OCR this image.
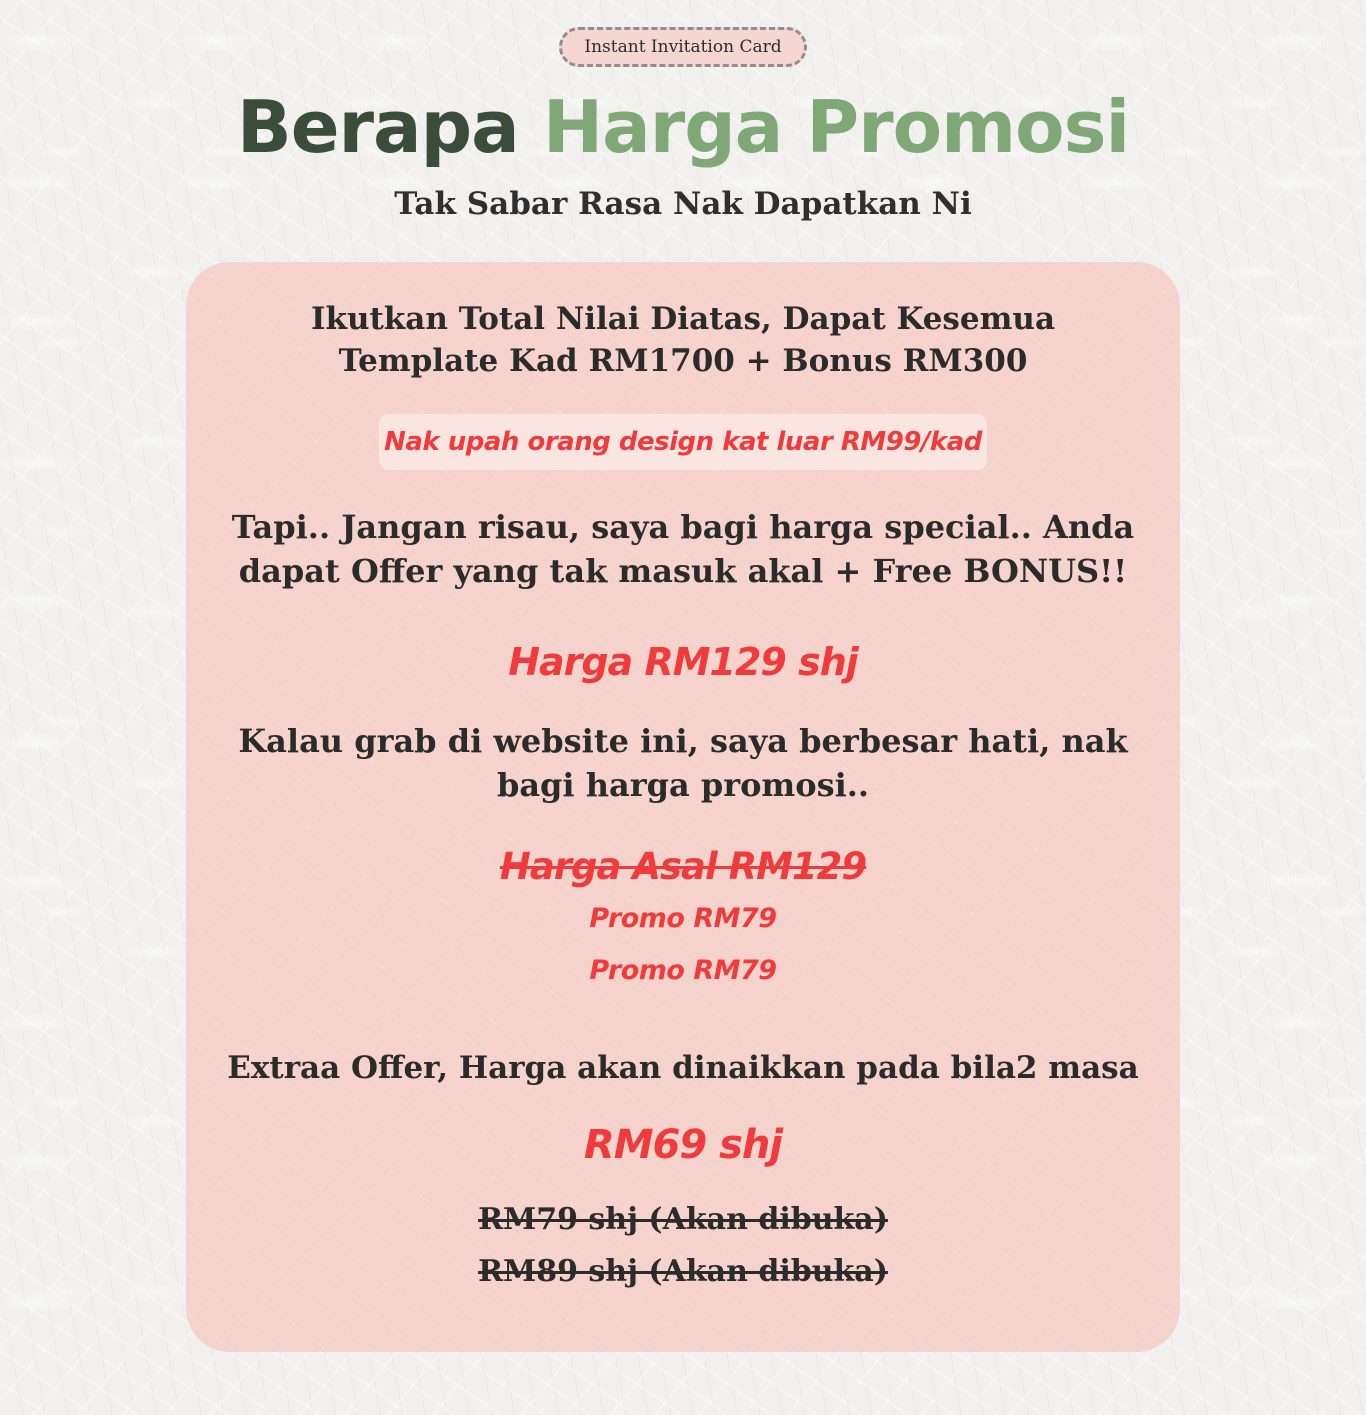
Instant Invitation Card
Berapa Harga Promosi
Tak Sabar Rasa Nak Dapatkan Ni
Ikutkan Total Nilai Diatas, Dapat Kesemua
Template Kad RM1700 + Bonus RM300
Nak upah orang design kat luar RM99/kad
Tapi.. Jangan risau, saya bagi harga special.. Anda
dapat Offer yang tak masuk akal + Free BONUS!!
Harga RM129 shj
Kalau grab di website ini, saya berbesar hati, nak
bagi harga promosi..
Harga Asal RM129
Promo RM79
Promo RM79
Extraa Offer, Harga akan dinaikkan pada bila2 masa
RM69 shj
RM79 shj (Akan dibuka)
RM89 shj (Akan dibuka)
